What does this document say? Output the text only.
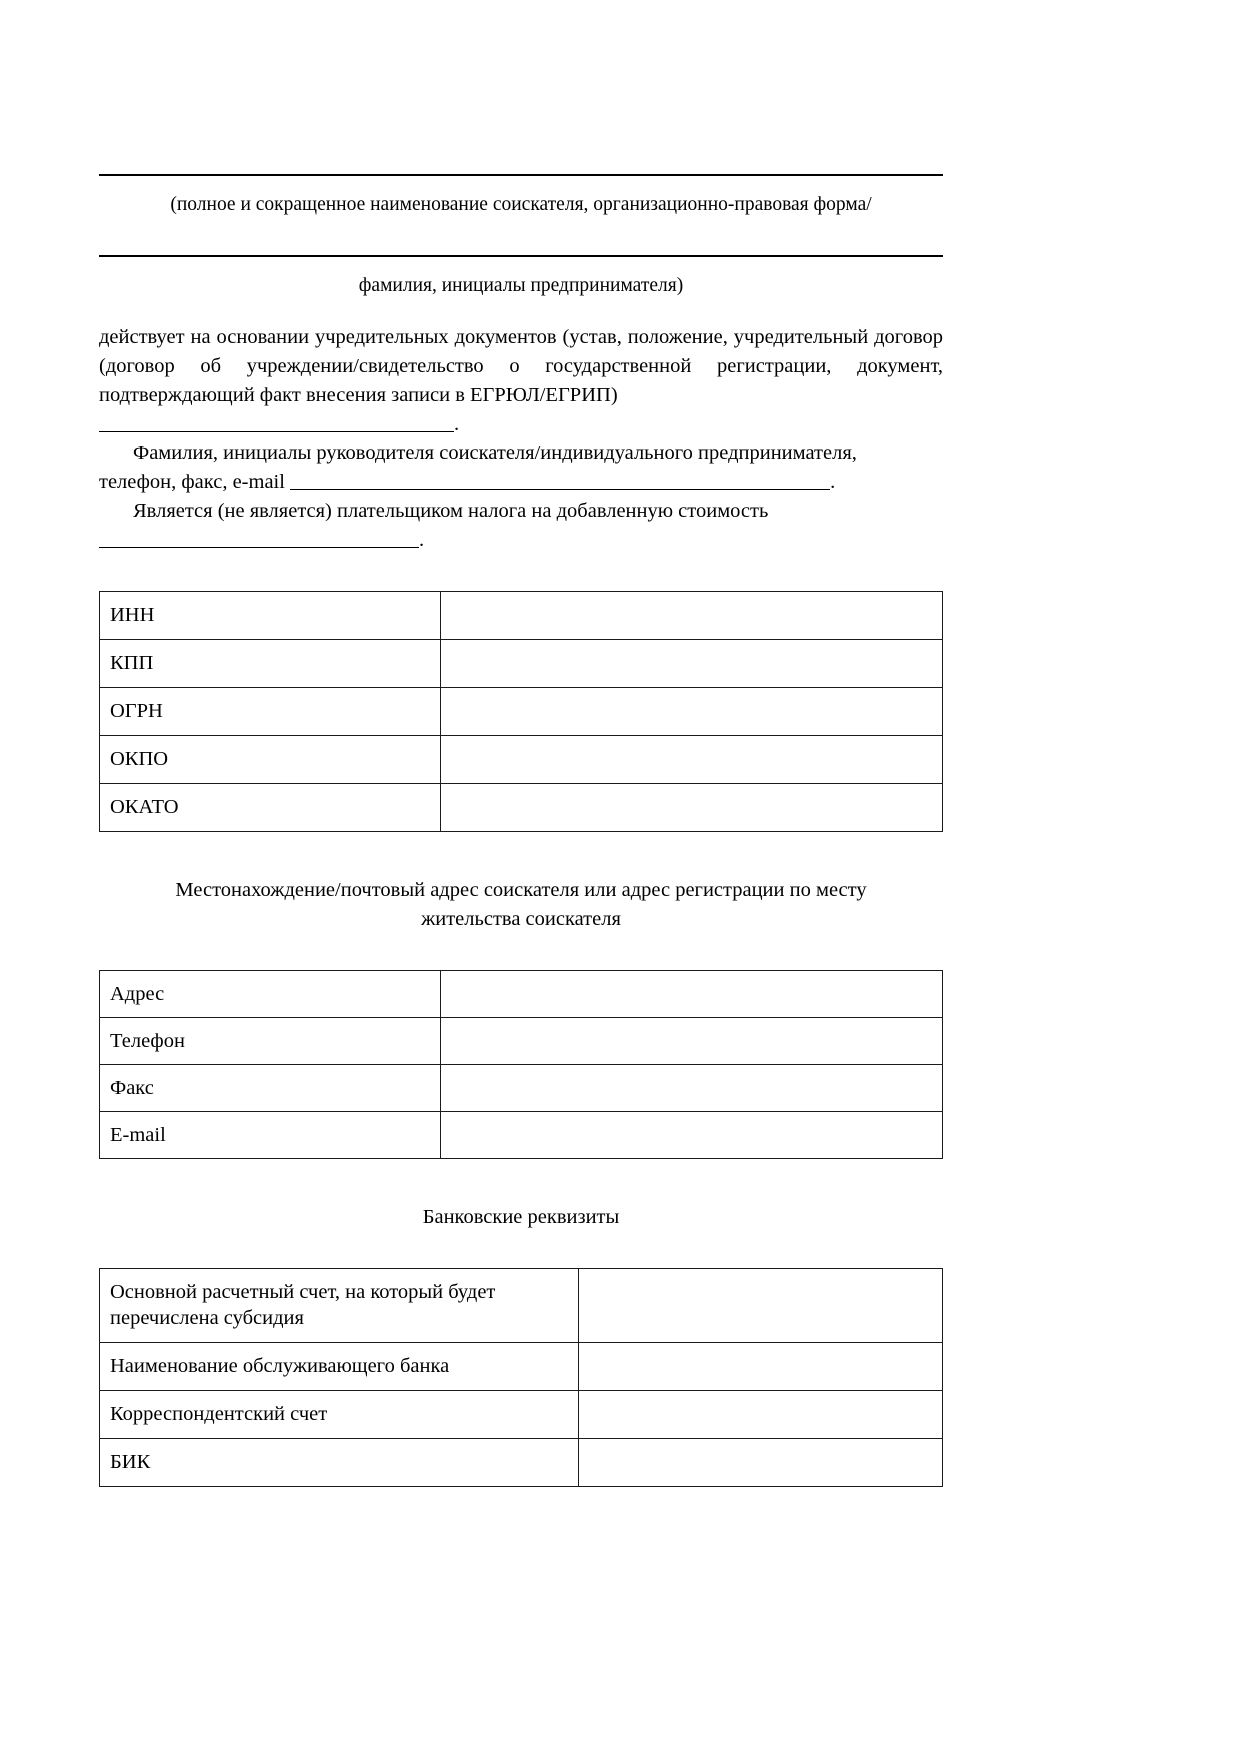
(полное и сокращенное наименование соискателя, организационно-правовая форма/
фамилия, инициалы предпринимателя)

действует на основании учредительных документов (устав, положение, учредительный договор (договор об учреждении/свидетельство о государственной регистрации, документ, подтверждающий факт внесения записи в ЕГРЮЛ/ЕГРИП)

.

Фамилия, инициалы руководителя соискателя/индивидуального предпринимателя,

телефон, факс, e-mail	.

Является (не является) плательщиком налога на добавленную стоимость

.

ИНН	
КПП	
ОГРН	
ОКПО	
ОКАТО	
Местонахождение/почтовый адрес соискателя или адрес регистрации по месту
жительства соискателя
Адрес	
Телефон	
Факс	
E-mail	
Банковские реквизиты
Основной расчетный счет, на который будет перечислена субсидия	
Наименование обслуживающего банка	
Корреспондентский счет	
БИК	
